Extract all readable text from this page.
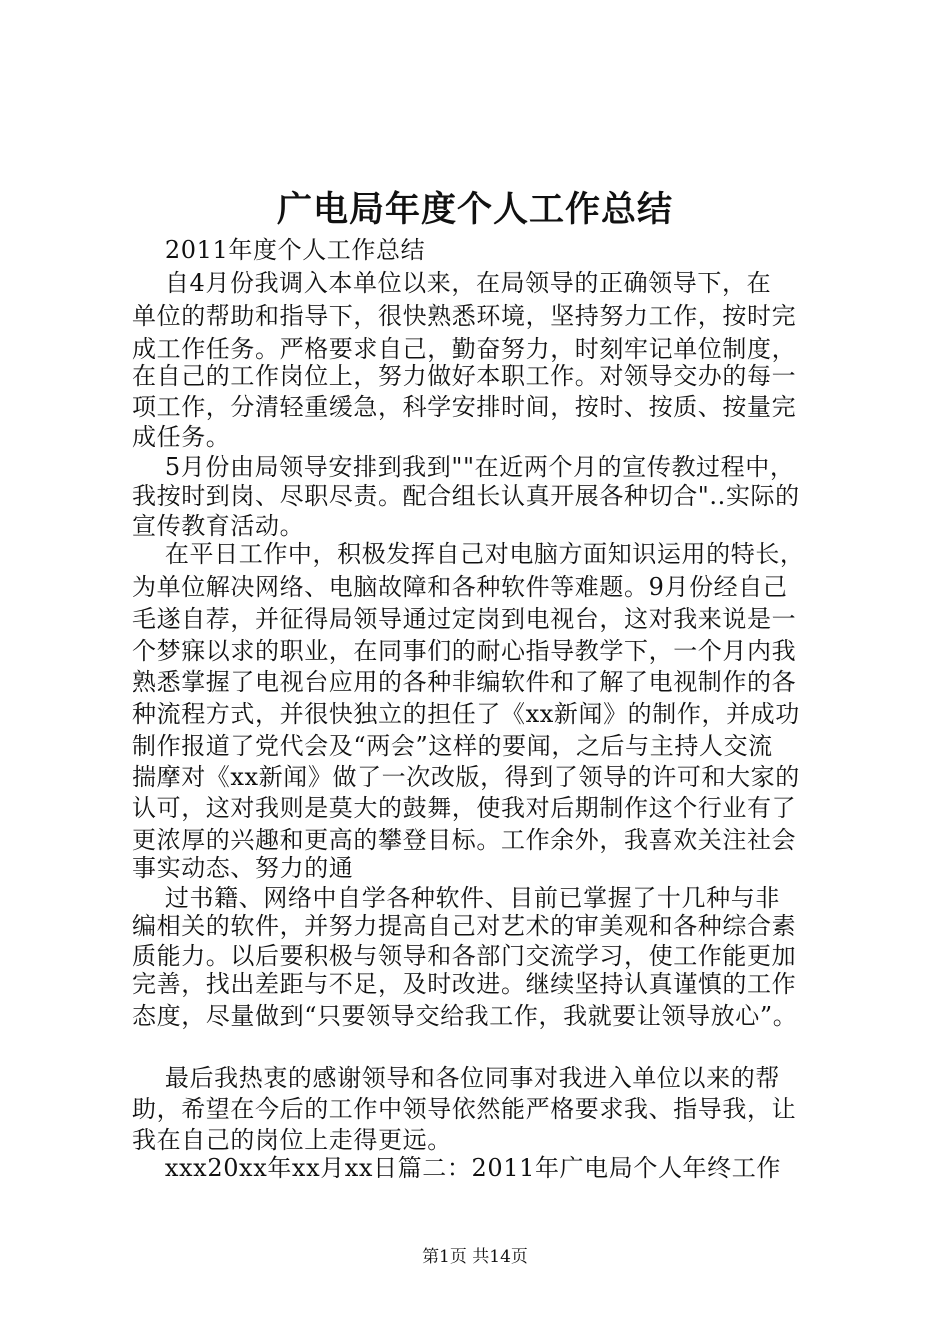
广电局年度个人工作总结
2011年度个人工作总结
自4月份我调入本单位以来，在局领导的正确领导下，在
单位的帮助和指导下，很快熟悉环境，坚持努力工作，按时完
成工作任务。严格要求自己，勤奋努力，时刻牢记单位制度，
在自己的工作岗位上，努力做好本职工作。对领导交办的每一
项工作，分清轻重缓急，科学安排时间，按时、按质、按量完
成任务。
5月份由局领导安排到我到""在近两个月的宣传教过程中，
我按时到岗、尽职尽责。配合组长认真开展各种切合"..实际的
宣传教育活动。
在平日工作中，积极发挥自己对电脑方面知识运用的特长，
为单位解决网络、电脑故障和各种软件等难题。9月份经自己
毛遂自荐，并征得局领导通过定岗到电视台，这对我来说是一
个梦寐以求的职业，在同事们的耐心指导教学下，一个月内我
熟悉掌握了电视台应用的各种非编软件和了解了电视制作的各
种流程方式，并很快独立的担任了《xx新闻》的制作，并成功
制作报道了党代会及“两会”这样的要闻，之后与主持人交流
揣摩对《xx新闻》做了一次改版，得到了领导的许可和大家的
认可，这对我则是莫大的鼓舞，使我对后期制作这个行业有了
更浓厚的兴趣和更高的攀登目标。工作余外，我喜欢关注社会
事实动态、努力的通
过书籍、网络中自学各种软件、目前已掌握了十几种与非
编相关的软件，并努力提高自己对艺术的审美观和各种综合素
质能力。以后要积极与领导和各部门交流学习，使工作能更加
完善，找出差距与不足，及时改进。继续坚持认真谨慎的工作
态度，尽量做到“只要领导交给我工作，我就要让领导放心”。
最后我热衷的感谢领导和各位同事对我进入单位以来的帮
助，希望在今后的工作中领导依然能严格要求我、指导我，让
我在自己的岗位上走得更远。
xxx20xx年xx月xx日篇二：2011年广电局个人年终工作
第1页 共14页
